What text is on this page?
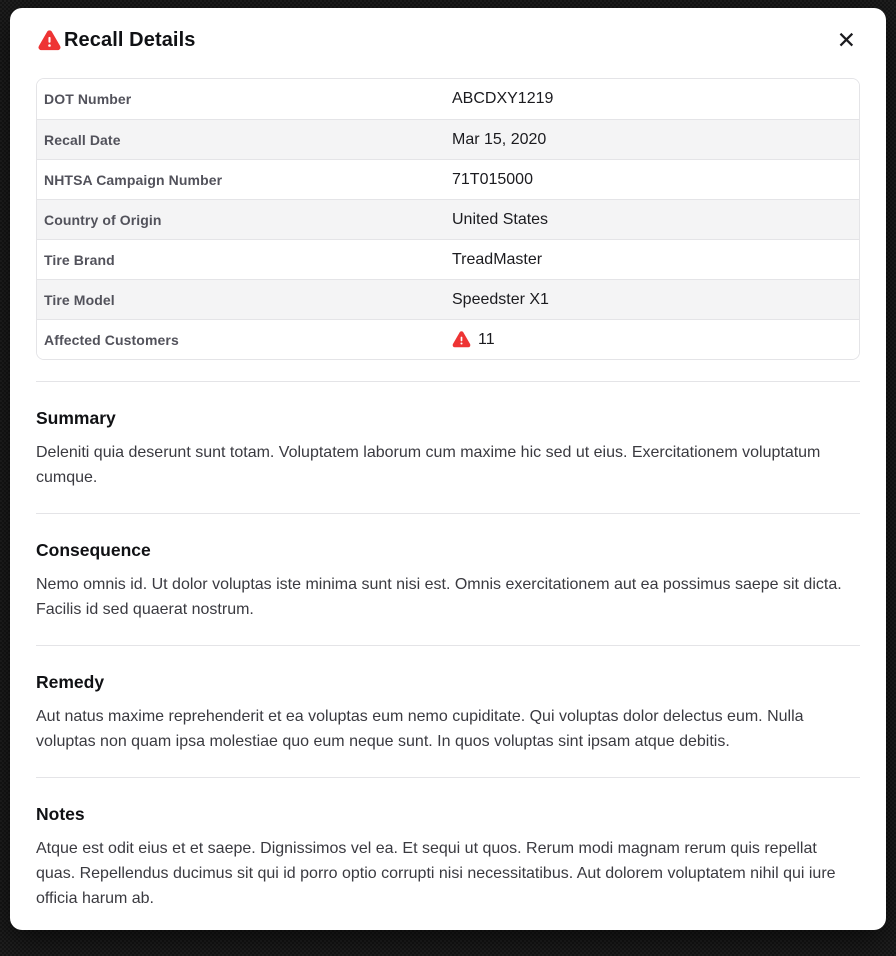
Recall Details	✕
DOT Number	ABCDXY1219
Recall Date	Mar 15, 2020
NHTSA Campaign Number	71T015000
Country of Origin	United States
Tire Brand	TreadMaster
Tire Model	Speedster X1
Affected Customers	11
Summary
Deleniti quia deserunt sunt totam. Voluptatem laborum cum maxime hic sed ut eius. Exercitationem voluptatum cumque.
Consequence
Nemo omnis id. Ut dolor voluptas iste minima sunt nisi est. Omnis exercitationem aut ea possimus saepe sit dicta. Facilis id sed quaerat nostrum.
Remedy
Aut natus maxime reprehenderit et ea voluptas eum nemo cupiditate. Qui voluptas dolor delectus eum. Nulla voluptas non quam ipsa molestiae quo eum neque sunt. In quos voluptas sint ipsam atque debitis.
Notes
Atque est odit eius et et saepe. Dignissimos vel ea. Et sequi ut quos. Rerum modi magnam rerum quis repellat quas. Repellendus ducimus sit qui id porro optio corrupti nisi necessitatibus. Aut dolorem voluptatem nihil qui iure officia harum ab.
